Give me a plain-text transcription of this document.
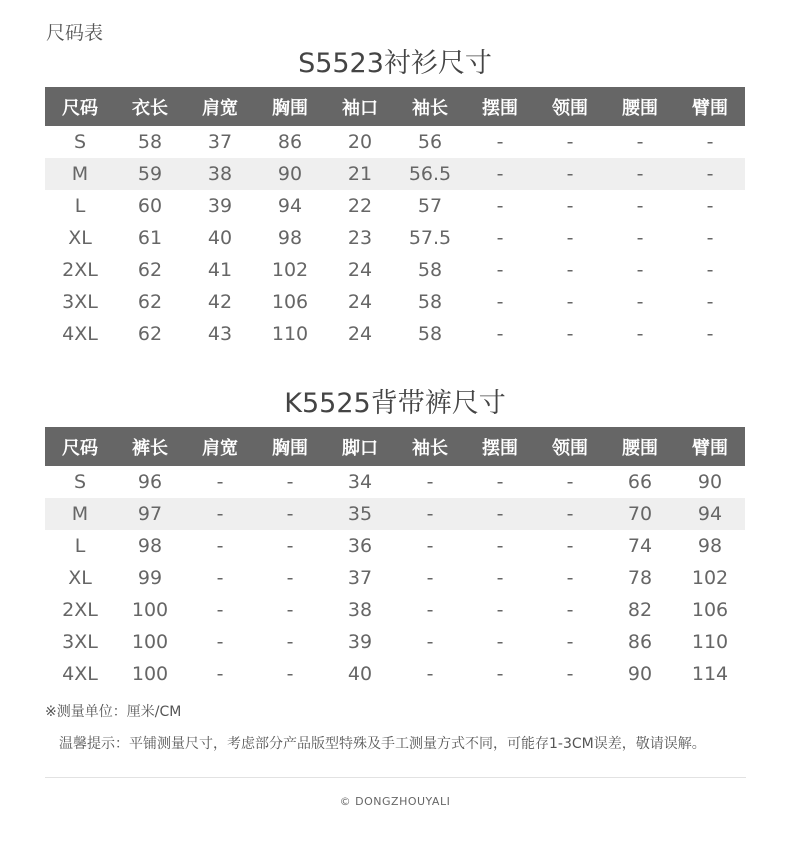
尺码表
S5523衬衫尺寸
尺码	衣长	肩宽	胸围	袖口	袖长	摆围	领围	腰围	臂围
S	58	37	86	20	56	-	-	-	-
M	59	38	90	21	56.5	-	-	-	-
L	60	39	94	22	57	-	-	-	-
XL	61	40	98	23	57.5	-	-	-	-
2XL	62	41	102	24	58	-	-	-	-
3XL	62	42	106	24	58	-	-	-	-
4XL	62	43	110	24	58	-	-	-	-
K5525背带裤尺寸
尺码	裤长	肩宽	胸围	脚口	袖长	摆围	领围	腰围	臂围
S	96	-	-	34	-	-	-	66	90
M	97	-	-	35	-	-	-	70	94
L	98	-	-	36	-	-	-	74	98
XL	99	-	-	37	-	-	-	78	102
2XL	100	-	-	38	-	-	-	82	106
3XL	100	-	-	39	-	-	-	86	110
4XL	100	-	-	40	-	-	-	90	114
※测量单位：厘米/CM
温馨提示：平铺测量尺寸，考虑部分产品版型特殊及手工测量方式不同，可能存1-3CM误差，敬请误解。
© DONGZHOUYALI
